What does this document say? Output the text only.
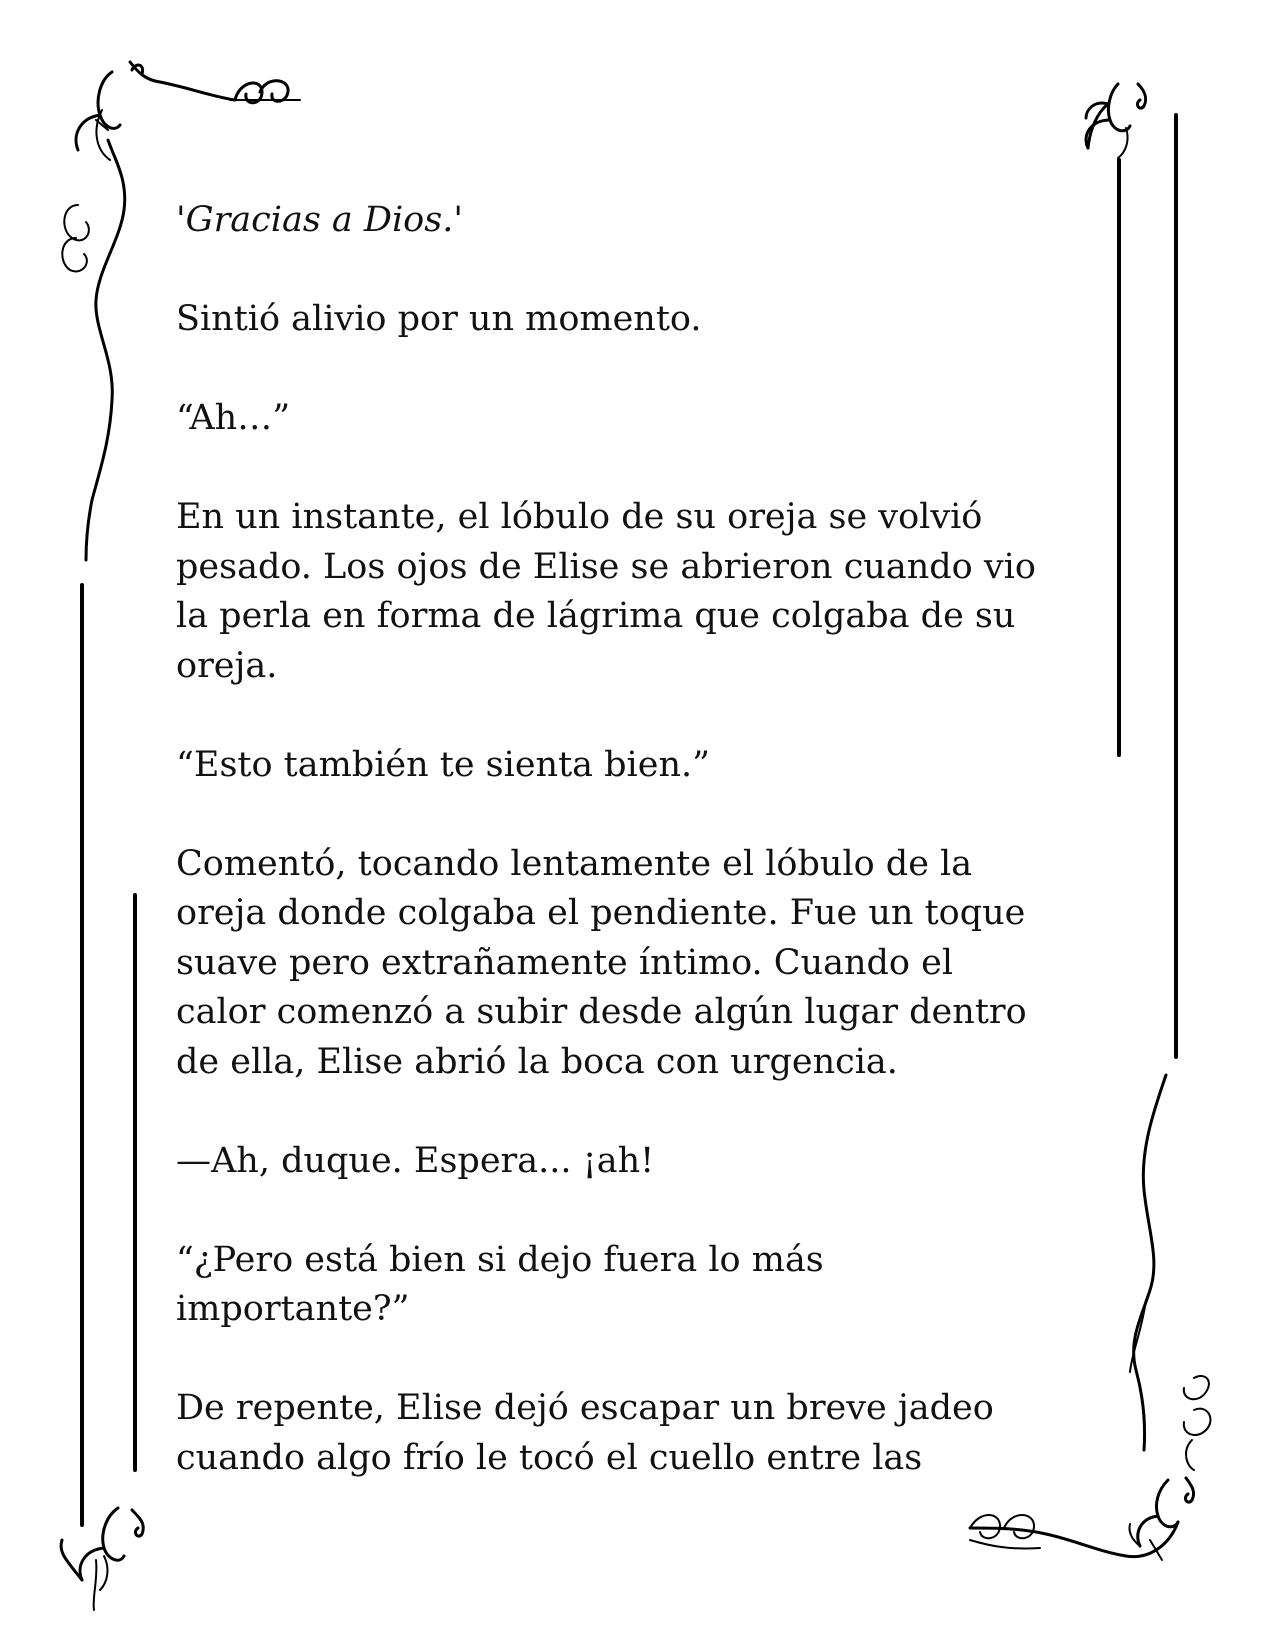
'Gracias a Dios.'

Sintió alivio por un momento.

“Ah…”

En un instante, el lóbulo de su oreja se volvió
pesado. Los ojos de Elise se abrieron cuando vio
la perla en forma de lágrima que colgaba de su
oreja.

“Esto también te sienta bien.”

Comentó, tocando lentamente el lóbulo de la
oreja donde colgaba el pendiente. Fue un toque
suave pero extrañamente íntimo. Cuando el
calor comenzó a subir desde algún lugar dentro
de ella, Elise abrió la boca con urgencia.

—Ah, duque. Espera... ¡ah!

“¿Pero está bien si dejo fuera lo más
importante?”

De repente, Elise dejó escapar un breve jadeo
cuando algo frío le tocó el cuello entre las
